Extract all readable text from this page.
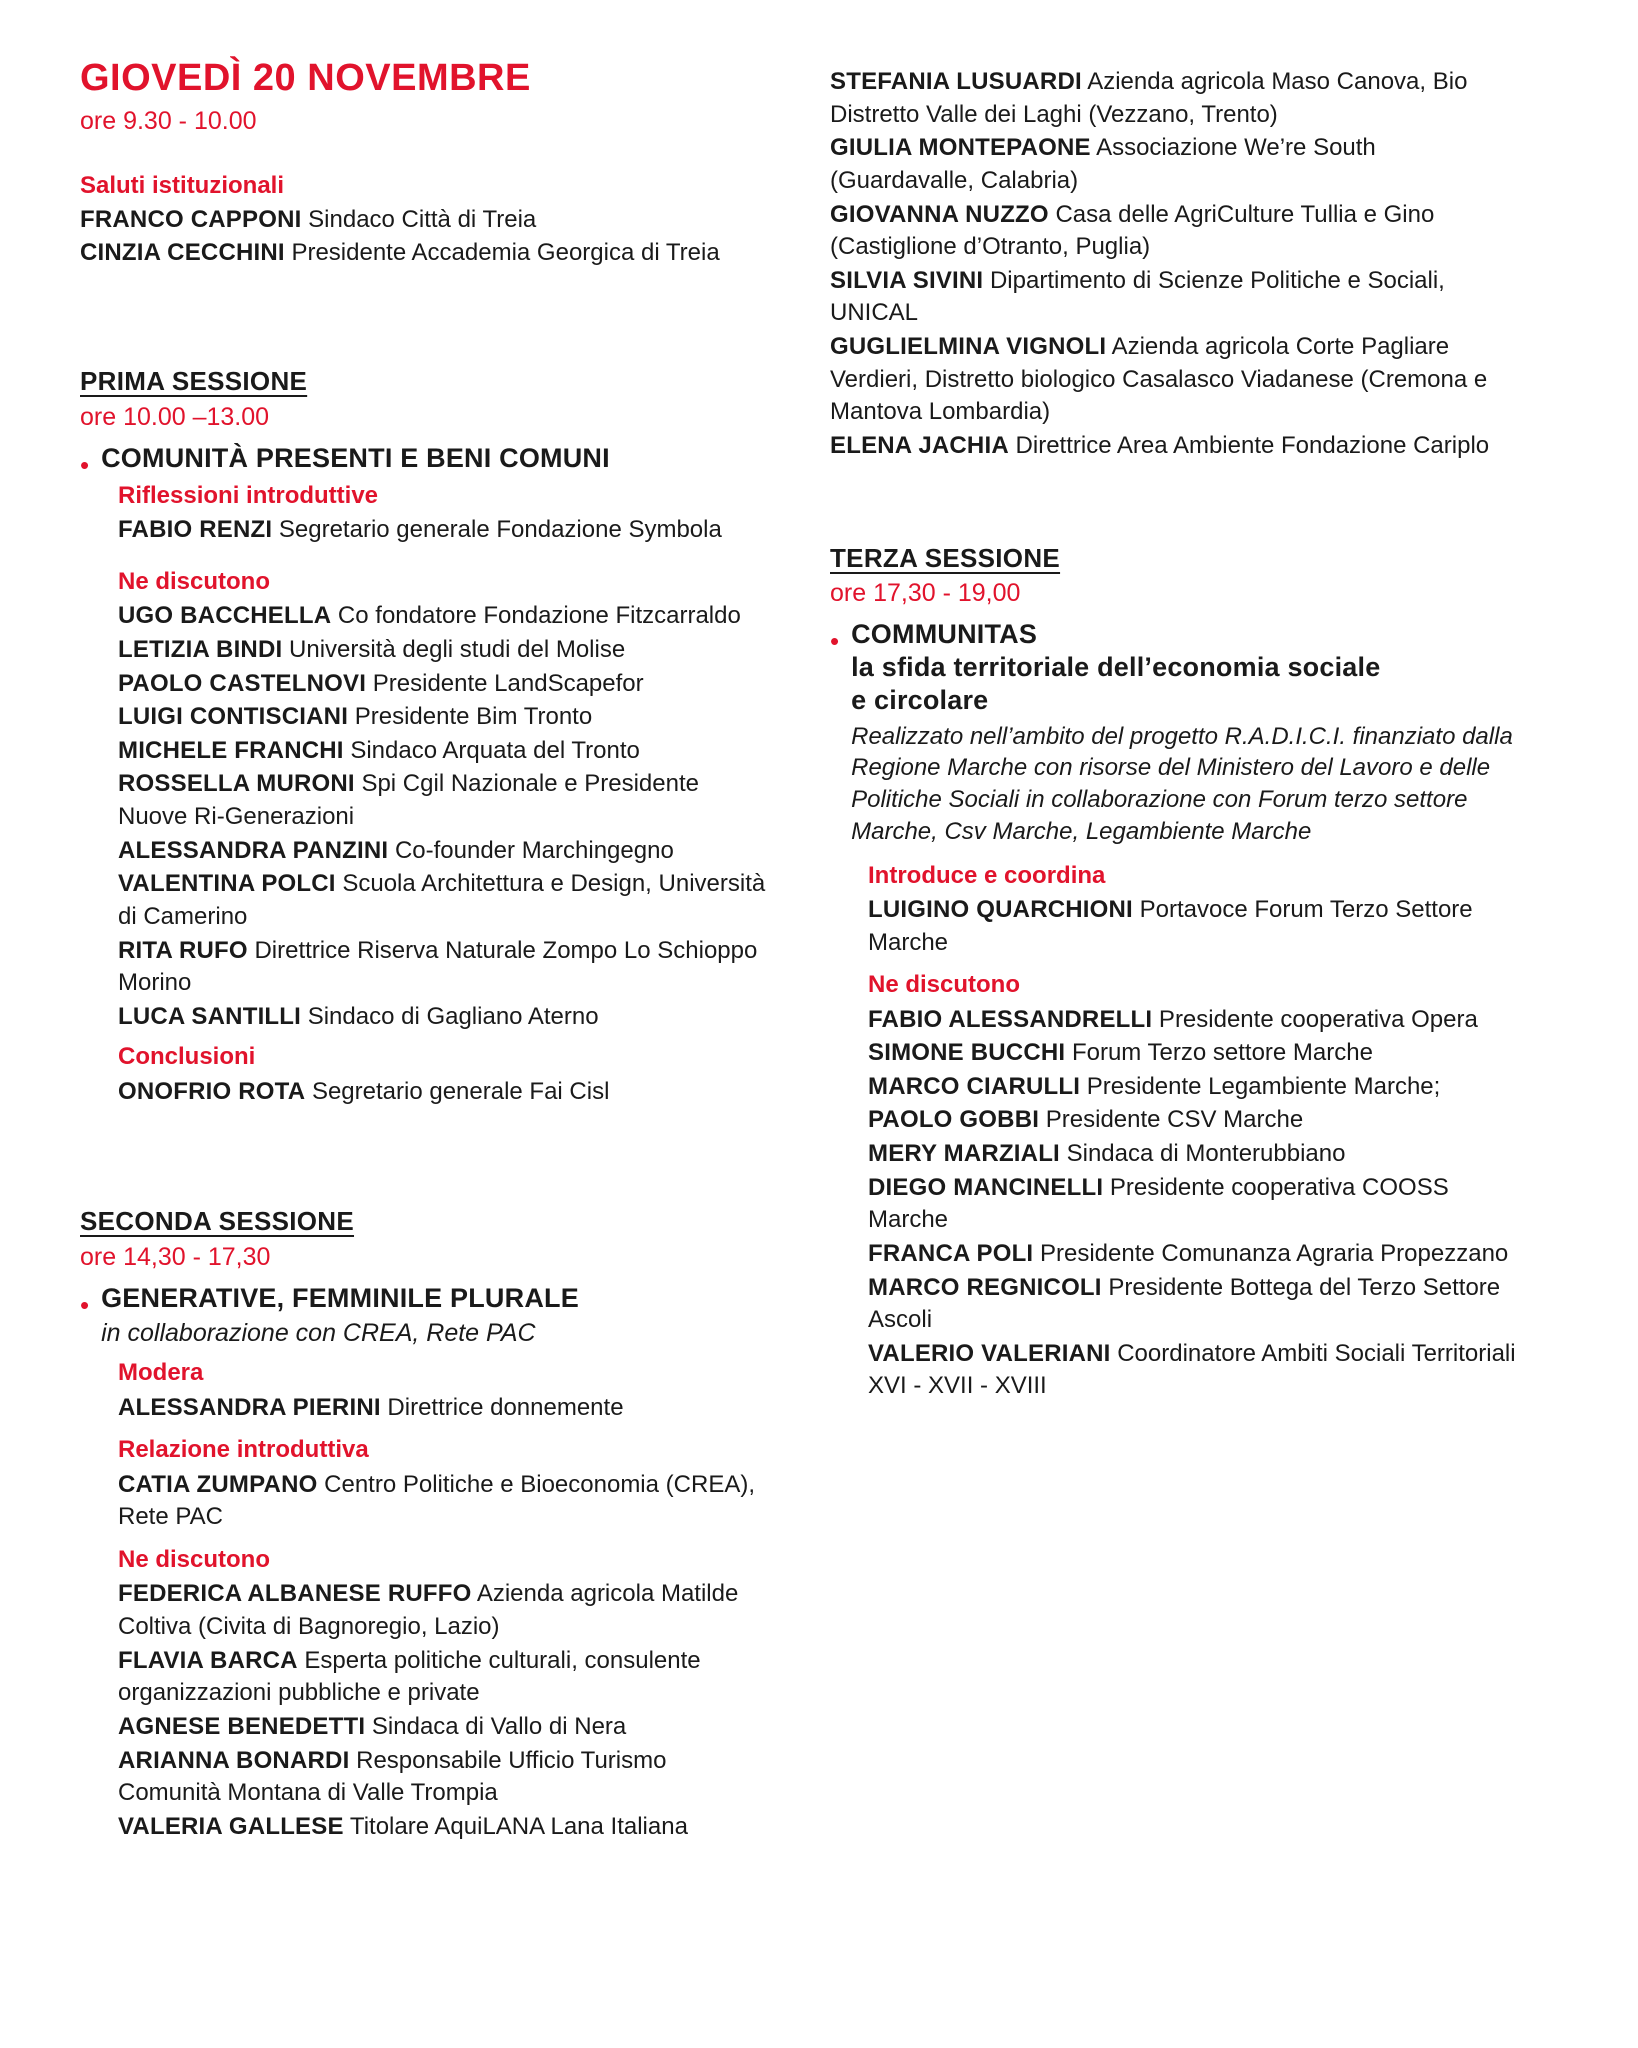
GIOVEDÌ 20 NOVEMBRE
ore 9.30 - 10.00
Saluti istituzionali
FRANCO CAPPONI Sindaco Città di Treia
CINZIA CECCHINI Presidente Accademia Georgica di Treia
PRIMA SESSIONE
ore 10.00 –13.00
• COMUNITÀ PRESENTI E BENI COMUNI
Riflessioni introduttive
FABIO RENZI Segretario generale Fondazione Symbola
Ne discutono
UGO BACCHELLA Co fondatore Fondazione Fitzcarraldo
LETIZIA BINDI Università degli studi del Molise
PAOLO CASTELNOVI Presidente LandScapefor
LUIGI CONTISCIANI Presidente Bim Tronto
MICHELE FRANCHI Sindaco Arquata del Tronto
ROSSELLA MURONI Spi Cgil Nazionale e Presidente Nuove Ri-Generazioni
ALESSANDRA PANZINI Co-founder Marchingegno
VALENTINA POLCI Scuola Architettura e Design, Università di Camerino
RITA RUFO Direttrice Riserva Naturale Zompo Lo Schioppo Morino
LUCA SANTILLI Sindaco di Gagliano Aterno
Conclusioni
ONOFRIO ROTA Segretario generale Fai Cisl
SECONDA SESSIONE
ore 14,30 - 17,30
• GENERATIVE, FEMMINILE PLURALE
in collaborazione con CREA, Rete PAC
Modera
ALESSANDRA PIERINI Direttrice donnemente
Relazione introduttiva
CATIA ZUMPANO Centro Politiche e Bioeconomia (CREA), Rete PAC
Ne discutono
FEDERICA ALBANESE RUFFO Azienda agricola Matilde Coltiva (Civita di Bagnoregio, Lazio)
FLAVIA BARCA Esperta politiche culturali, consulente organizzazioni pubbliche e private
AGNESE BENEDETTI Sindaca di Vallo di Nera
ARIANNA BONARDI Responsabile Ufficio Turismo Comunità Montana di Valle Trompia
VALERIA GALLESE Titolare AquiLANA Lana Italiana
STEFANIA LUSUARDI Azienda agricola Maso Canova, Bio Distretto Valle dei Laghi (Vezzano, Trento)
GIULIA MONTEPAONE Associazione We’re South (Guardavalle, Calabria)
GIOVANNA NUZZO Casa delle AgriCulture Tullia e Gino (Castiglione d’Otranto, Puglia)
SILVIA SIVINI Dipartimento di Scienze Politiche e Sociali, UNICAL
GUGLIELMINA VIGNOLI Azienda agricola Corte Pagliare Verdieri, Distretto biologico Casalasco Viadanese (Cremona e Mantova Lombardia)
ELENA JACHIA Direttrice Area Ambiente Fondazione Cariplo
TERZA SESSIONE
ore 17,30 - 19,00
• COMMUNITAS
la sfida territoriale dell’economia sociale
e circolare
Realizzato nell’ambito del progetto R.A.D.I.C.I. finanziato dalla Regione Marche con risorse del Ministero del Lavoro e delle Politiche Sociali in collaborazione con Forum terzo settore Marche, Csv Marche, Legambiente Marche
Introduce e coordina
LUIGINO QUARCHIONI Portavoce Forum Terzo Settore Marche
Ne discutono
FABIO ALESSANDRELLI Presidente cooperativa Opera
SIMONE BUCCHI Forum Terzo settore Marche
MARCO CIARULLI Presidente Legambiente Marche;
PAOLO GOBBI Presidente CSV Marche
MERY MARZIALI Sindaca di Monterubbiano
DIEGO MANCINELLI Presidente cooperativa COOSS Marche
FRANCA POLI Presidente Comunanza Agraria Propezzano
MARCO REGNICOLI Presidente Bottega del Terzo Settore Ascoli
VALERIO VALERIANI Coordinatore Ambiti Sociali Territoriali XVI - XVII - XVIII
